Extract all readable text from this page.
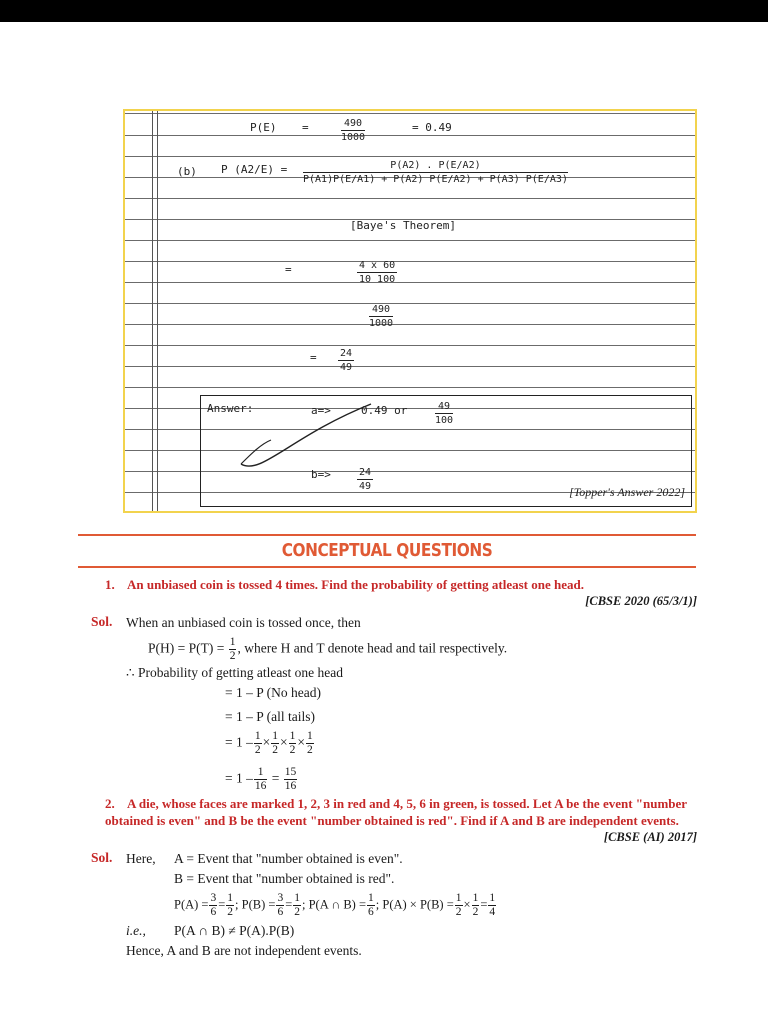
P(E) =	$\frac{490}{1000}$	= 0.49
(b) P $(A2/E) = \frac{P(A2) . P(E/A2)}{P(A1)P(E/A1) + P(A2) P(E/A2) + P(A3) P(E/A3)}$
[Baye's Theorem]
=	$\frac{4 x 60}{10 100}$
$\frac{490}{1000}$
= $\frac{24}{49}$
Answer:	a=>	0.49 or	$\frac{49}{100}$
b=>	$\frac{24}{49}$	[Topper's Answer 2022]
CONCEPTUAL QUESTIONS
1. An unbiased coin is tossed 4 times. Find the probability of getting atleast one head.
[CBSE 2020 (65/3/1)]
Sol. When an unbiased coin is tossed once, then
$P(H) = P(T) = \frac{1}{2}$ , where H and T denote head and tail respectively.
∴ Probability of getting atleast one head
= 1 – P (No head)
= 1 – P (all tails)
= $1 - \frac{1}{2} \times \frac{1}{2} \times \frac{1}{2} \times \frac{1}{2}$
= $1 - \frac{1}{16} = \frac{15}{16}$
2. A die, whose faces are marked 1, 2, 3 in red and 4, 5, 6 in green, is tossed. Let A be the event "number obtained is even" and B be the event "number obtained is red". Find if A and B are independent events.
[CBSE (AI) 2017]
Sol. Here, A = Event that "number obtained is even".
B = Event that "number obtained is red".
$P(A) = \frac{3}{6} = \frac{1}{2}$ ; $P(B) = \frac{3}{6} = \frac{1}{2}$ ; P(A ∩ $B) = \frac{1}{6}$ ; $P(A) \times P(B) = \frac{1}{2} \times \frac{1}{2} = \frac{1}{4}$
i.e., P(A ∩ B) ≠ P(A).P(B)
Hence, A and B are not independent events.
